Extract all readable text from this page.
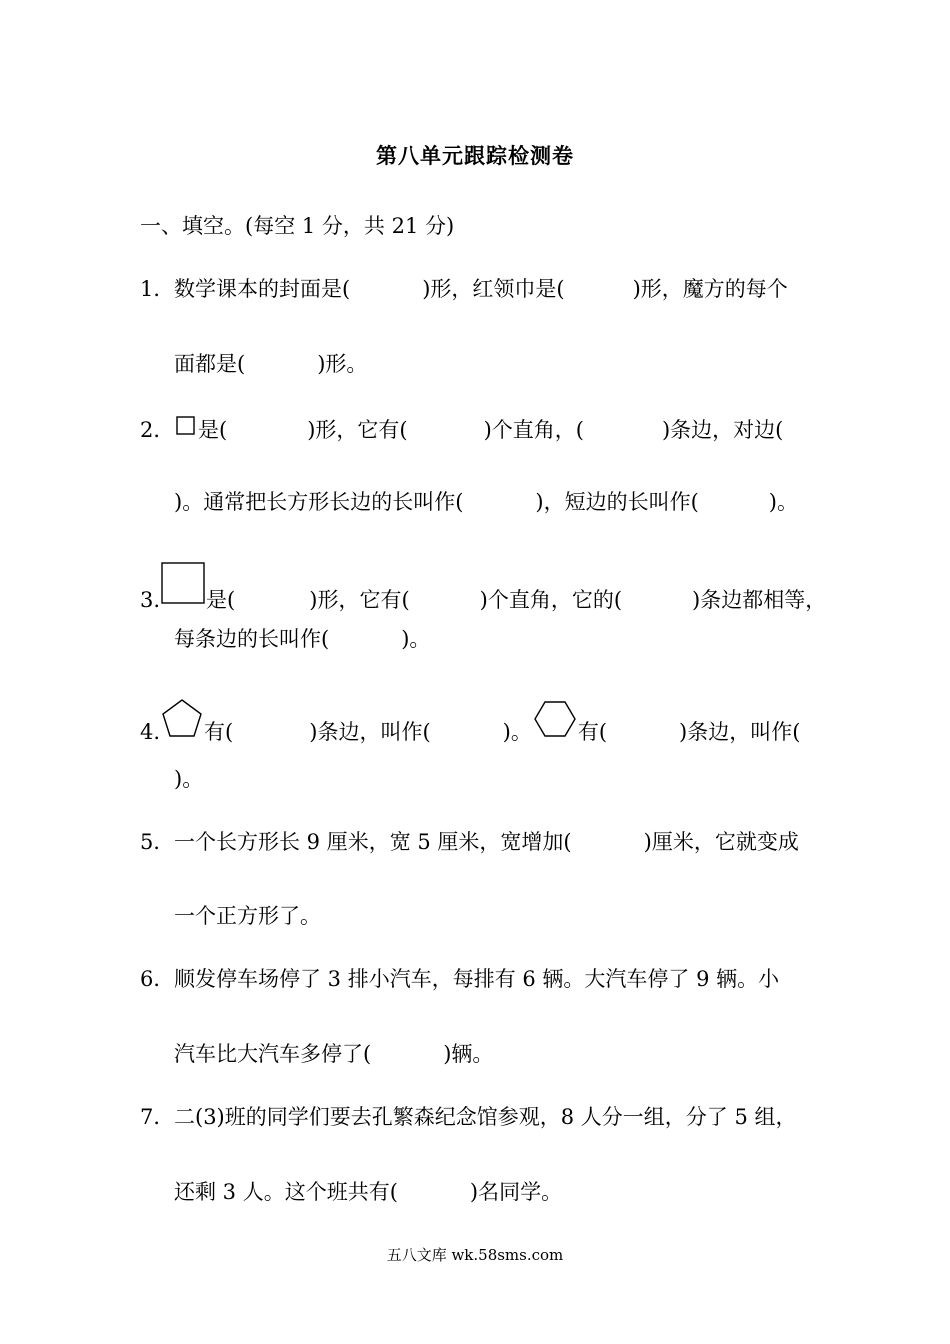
第八单元跟踪检测卷
一、填空。(每空 1 分，共 21 分)
1．数学课本的封面是(	)形，红领巾是(	)形，魔方的每个
面都是(	)形。
2． 是(	)形，它有(	)个直角，(	)条边，对边(
)。通常把长方形长边的长叫作(	)，短边的长叫作(	)。
3. 是(	)形，它有(	)个直角，它的(	)条边都相等，
每条边的长叫作(	)。
4. 有(	)条边，叫作(	)。 有(	)条边，叫作(
)。
5．一个长方形长 9 厘米，宽 5 厘米，宽增加(	)厘米，它就变成
一个正方形了。
6．顺发停车场停了 3 排小汽车，每排有 6 辆。大汽车停了 9 辆。小
汽车比大汽车多停了(	)辆。
7．二(3)班的同学们要去孔繁森纪念馆参观，8 人分一组，分了 5 组，
还剩 3 人。这个班共有(	)名同学。
五八文库 wk.58sms.com
